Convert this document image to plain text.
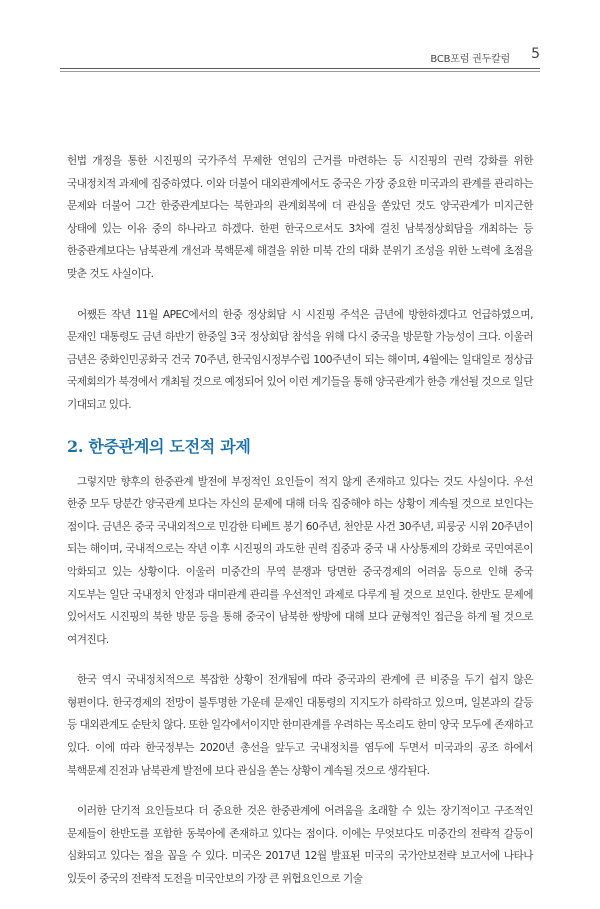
BCB포럼 권두칼럼 5

헌법 개정을 통한 시진핑의 국가주석 무제한 연임의 근거를 마련하는 등 시진핑의 권력 강화를 위한 국내정치적 과제에 집중하였다. 이와 더불어 대외관계에서도 중국은 가장 중요한 미국과의 관계를 관리하는 문제와 더불어 그간 한중관계보다는 북한과의 관계회복에 더 관심을 쏟았던 것도 양국관계가 미지근한 상태에 있는 이유 중의 하나라고 하겠다. 한편 한국으로서도 3차에 걸친 남북정상회담을 개최하는 등 한중관계보다는 남북관계 개선과 북핵문제 해결을 위한 미북 간의 대화 분위기 조성을 위한 노력에 초점을 맞춘 것도 사실이다.

어쨌든 작년 11월 APEC에서의 한중 정상회담 시 시진핑 주석은 금년에 방한하겠다고 언급하였으며, 문재인 대통령도 금년 하반기 한중일 3국 정상회담 참석을 위해 다시 중국을 방문할 가능성이 크다. 이울러 금년은 중화인민공화국 건국 70주년, 한국임시정부수립 100주년이 되는 해이며, 4월에는 일대일로 정상급 국제회의가 북경에서 개최될 것으로 예정되어 있어 이런 계기들을 통해 양국관계가 한층 개선될 것으로 일단 기대되고 있다.

2. 한중관계의 도전적 과제

그렇지만 향후의 한중관계 발전에 부정적인 요인들이 적지 않게 존재하고 있다는 것도 사실이다. 우선 한중 모두 당분간 양국관계 보다는 자신의 문제에 대해 더욱 집중해야 하는 상황이 계속될 것으로 보인다는 점이다. 금년은 중국 국내외적으로 민감한 티베트 봉기 60주년, 천안문 사건 30주년, 피룽궁 시위 20주년이 되는 해이며, 국내적으로는 작년 이후 시진핑의 과도한 권력 집중과 중국 내 사상통제의 강화로 국민여론이 악화되고 있는 상황이다. 이울러 미중간의 무역 분쟁과 당면한 중국경제의 어려움 등으로 인해 중국 지도부는 일단 국내정치 안정과 대미관계 관리를 우선적인 과제로 다루게 될 것으로 보인다. 한반도 문제에 있어서도 시진핑의 북한 방문 등을 통해 중국이 남북한 쌍방에 대해 보다 균형적인 접근을 하게 될 것으로 여겨진다.

한국 역시 국내정치적으로 복잡한 상황이 전개됨에 따라 중국과의 관계에 큰 비중을 두기 쉽지 않은 형편이다. 한국경제의 전망이 불투명한 가운데 문재인 대통령의 지지도가 하락하고 있으며, 일본과의 갈등 등 대외관계도 순탄치 않다. 또한 일각에서이지만 한미관계를 우려하는 목소리도 한미 양국 모두에 존재하고 있다. 이에 따라 한국정부는 2020년 총선을 앞두고 국내정치를 염두에 두면서 미국과의 공조 하에서 북핵문제 진전과 남북관계 발전에 보다 관심을 쏟는 상황이 계속될 것으로 생각된다.

이러한 단기적 요인들보다 더 중요한 것은 한중관계에 어려움을 초래할 수 있는 장기적이고 구조적인 문제들이 한반도를 포함한 동북아에 존재하고 있다는 점이다. 이에는 무엇보다도 미중간의 전략적 갈등이 심화되고 있다는 점을 꼽을 수 있다. 미국은 2017년 12월 발표된 미국의 국가안보전략 보고서에 나타나 있듯이 중국의 전략적 도전을 미국안보의 가장 큰 위협요인으로 기술
